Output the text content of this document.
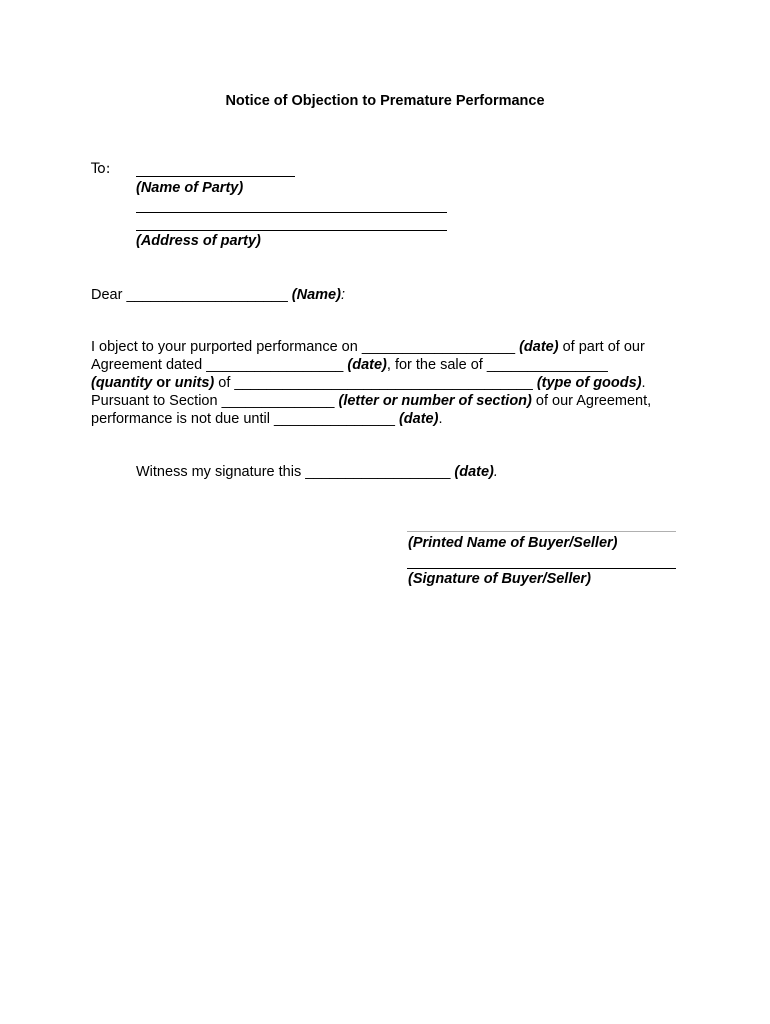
Notice of Objection to Premature Performance
To:
(Name of Party)
(Address of party)
Dear ____________________ (Name):
I object to your purported performance on ___________________ (date) of part of our
Agreement dated _________________ (date), for the sale of _______________
(quantity or units) of _____________________________________ (type of goods).
Pursuant to Section ______________ (letter or number of section) of our Agreement,
performance is not due until _______________ (date).
Witness my signature this __________________ (date).
(Printed Name of Buyer/Seller)
(Signature of Buyer/Seller)
